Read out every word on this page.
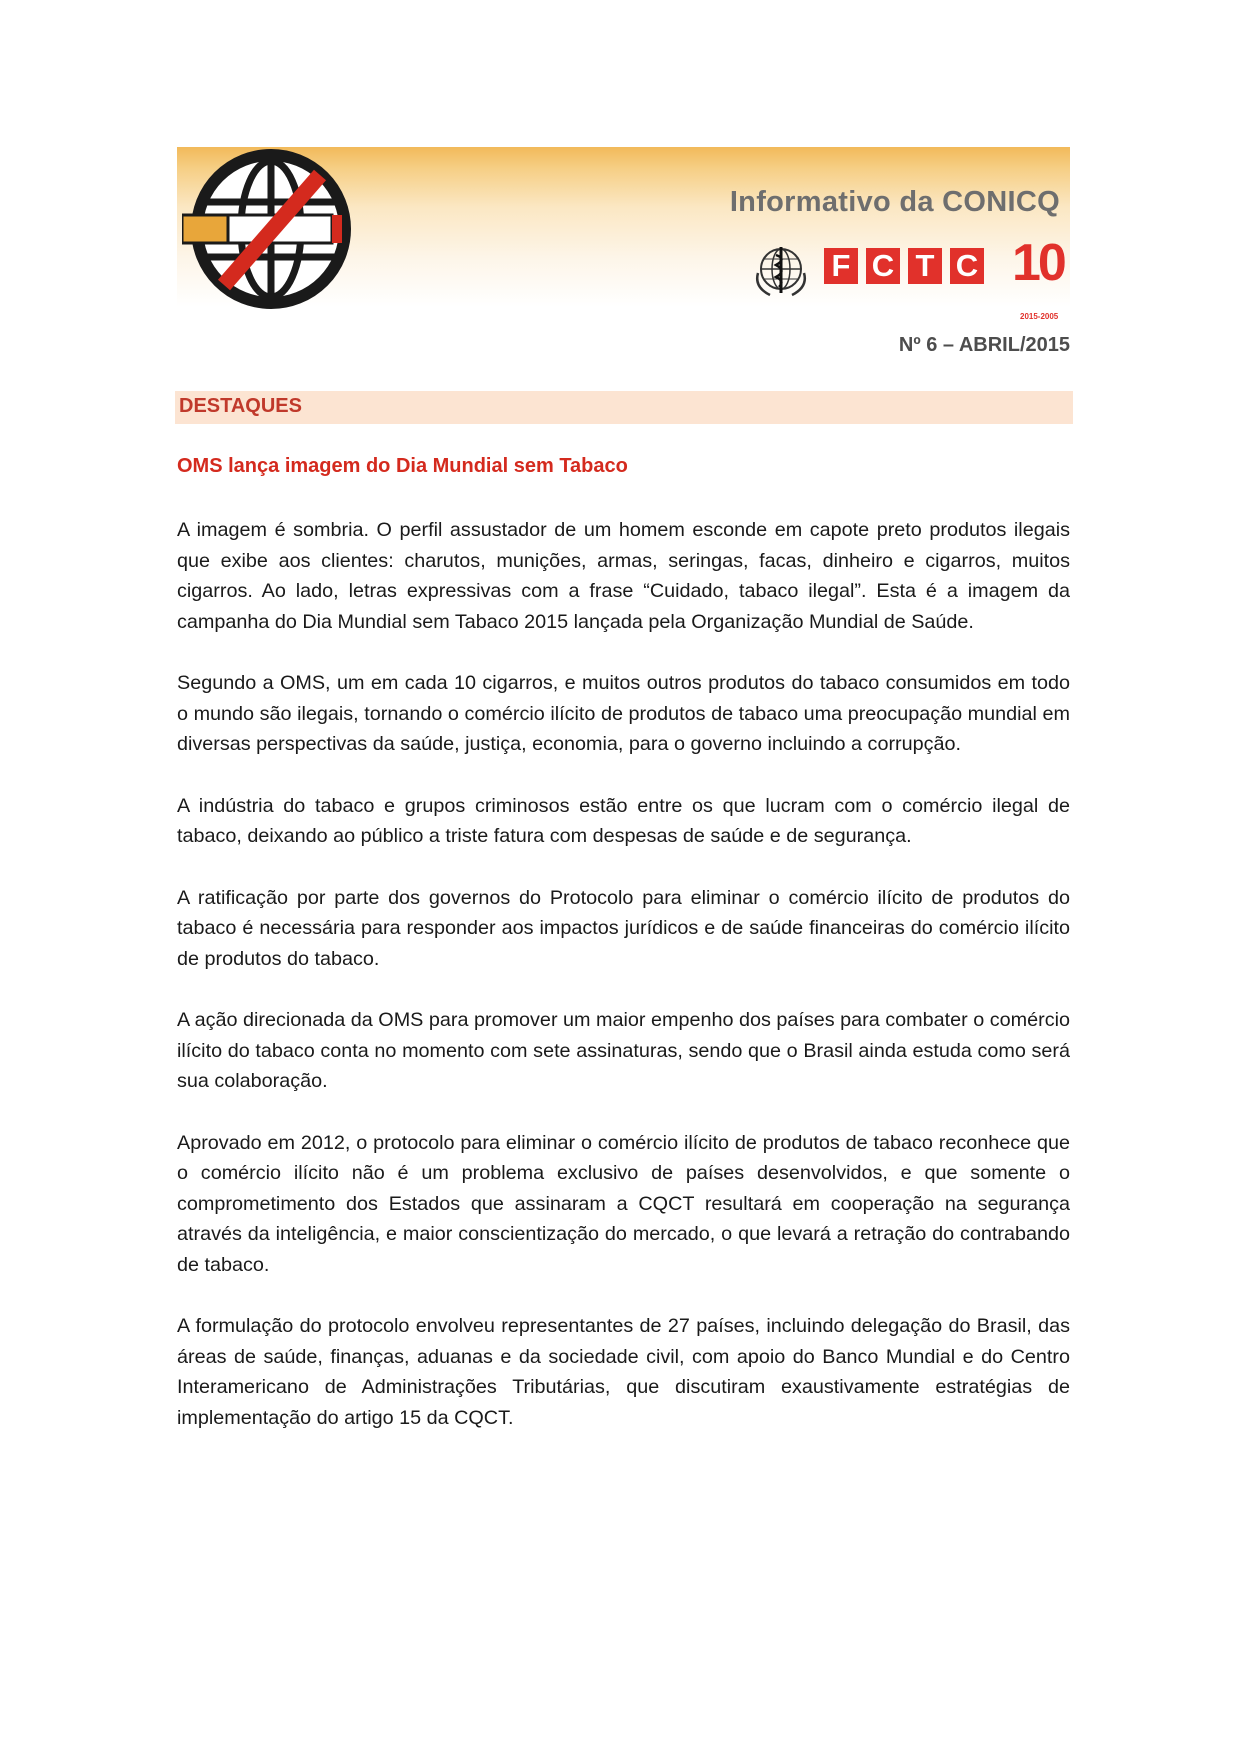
Informativo da CONICQ
F C T C 10
2015-2005
Nº 6 – ABRIL/2015
DESTAQUES
OMS lança imagem do Dia Mundial sem Tabaco

A imagem é sombria. O perfil assustador de um homem esconde em capote preto produtos ilegais que exibe aos clientes: charutos, munições, armas, seringas, facas, dinheiro e cigarros, muitos cigarros. Ao lado, letras expressivas com a frase “Cuidado, tabaco ilegal”. Esta é a imagem da campanha do Dia Mundial sem Tabaco 2015 lançada pela Organização Mundial de Saúde.

Segundo a OMS, um em cada 10 cigarros, e muitos outros produtos do tabaco consumidos em todo o mundo são ilegais, tornando o comércio ilícito de produtos de tabaco uma preocupação mundial em diversas perspectivas da saúde, justiça, economia, para o governo incluindo a corrupção.

A indústria do tabaco e grupos criminosos estão entre os que lucram com o comércio ilegal de tabaco, deixando ao público a triste fatura com despesas de saúde e de segurança.

A ratificação por parte dos governos do Protocolo para eliminar o comércio ilícito de produtos do tabaco é necessária para responder aos impactos jurídicos e de saúde financeiras do comércio ilícito de produtos do tabaco.

A ação direcionada da OMS para promover um maior empenho dos países para combater o comércio ilícito do tabaco conta no momento com sete assinaturas, sendo que o Brasil ainda estuda como será sua colaboração.

Aprovado em 2012, o protocolo para eliminar o comércio ilícito de produtos de tabaco reconhece que o comércio ilícito não é um problema exclusivo de países desenvolvidos, e que somente o comprometimento dos Estados que assinaram a CQCT resultará em cooperação na segurança através da inteligência, e maior conscientização do mercado, o que levará a retração do contrabando de tabaco.

A formulação do protocolo envolveu representantes de 27 países, incluindo delegação do Brasil, das áreas de saúde, finanças, aduanas e da sociedade civil, com apoio do Banco Mundial e do Centro Interamericano de Administrações Tributárias, que discutiram exaustivamente estratégias de implementação do artigo 15 da CQCT.
